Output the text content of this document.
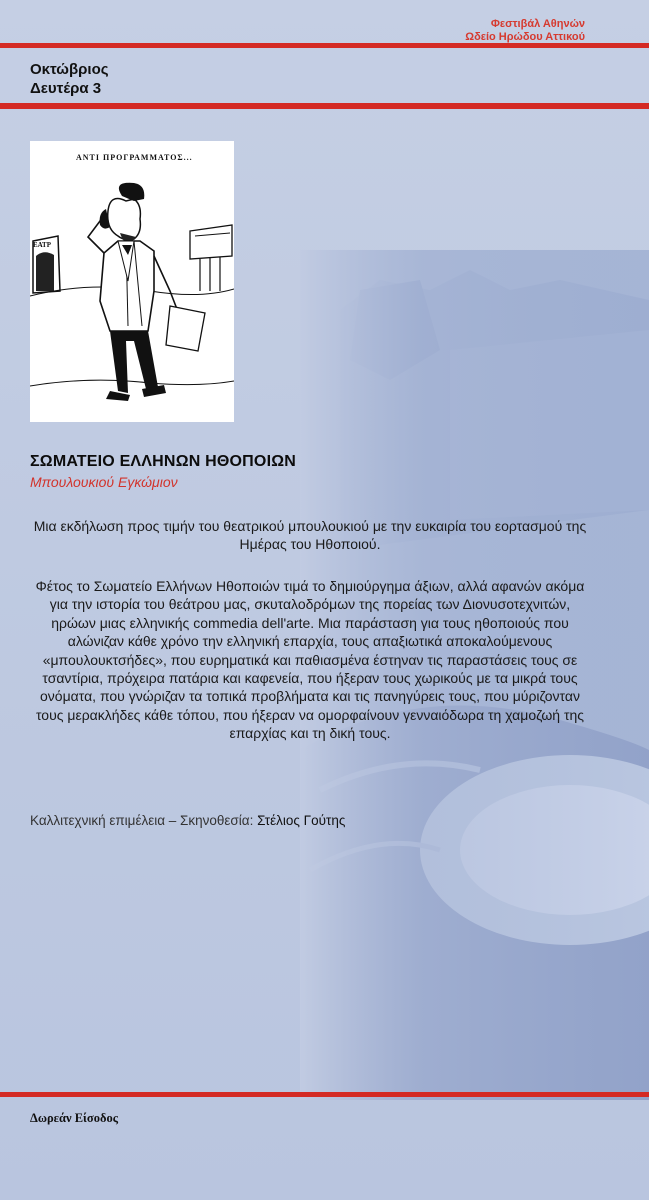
Φεστιβάλ Αθηνών
Ωδείο Ηρώδου Αττικού
Οκτώβριος
Δευτέρα 3
ΑΝΤΙ ΠΡΟΓΡΑΜΜΑΤΟΣ...
ΕΑΤΡ
ΣΩΜΑΤΕΙΟ ΕΛΛΗΝΩΝ ΗΘΟΠΟΙΩΝ
Μπουλουκιού Εγκώμιον
Μια εκδήλωση προς τιμήν του θεατρικού μπουλουκιού με την ευκαιρία του εορτασμού της Ημέρας του Ηθοποιού.
Φέτος το Σωματείο Ελλήνων Ηθοποιών τιμά το δημιούργημα άξιων, αλλά αφανών ακόμα για την ιστορία του θεάτρου μας, σκυταλοδρόμων της πορείας των Διονυσοτεχνιτών, ηρώων μιας ελληνικής commedia dell'arte. Μια παράσταση για τους ηθοποιούς που αλώνιζαν κάθε χρόνο την ελληνική επαρχία, τους απαξιωτικά αποκαλούμενους «μπουλουκτσήδες», που ευρηματικά και παθιασμένα έστηναν τις παραστάσεις τους σε τσαντίρια, πρόχειρα πατάρια και καφενεία, που ήξεραν τους χωρικούς με τα μικρά τους ονόματα, που γνώριζαν τα τοπικά προβλήματα και τις πανηγύρεις τους, που μύριζονταν τους μερακλήδες κάθε τόπου, που ήξεραν να ομορφαίνουν γενναιόδωρα τη χαμοζωή της επαρχίας και τη δική τους.
Καλλιτεχνική επιμέλεια – Σκηνοθεσία: Στέλιος Γούτης
Δωρεάν Είσοδος
